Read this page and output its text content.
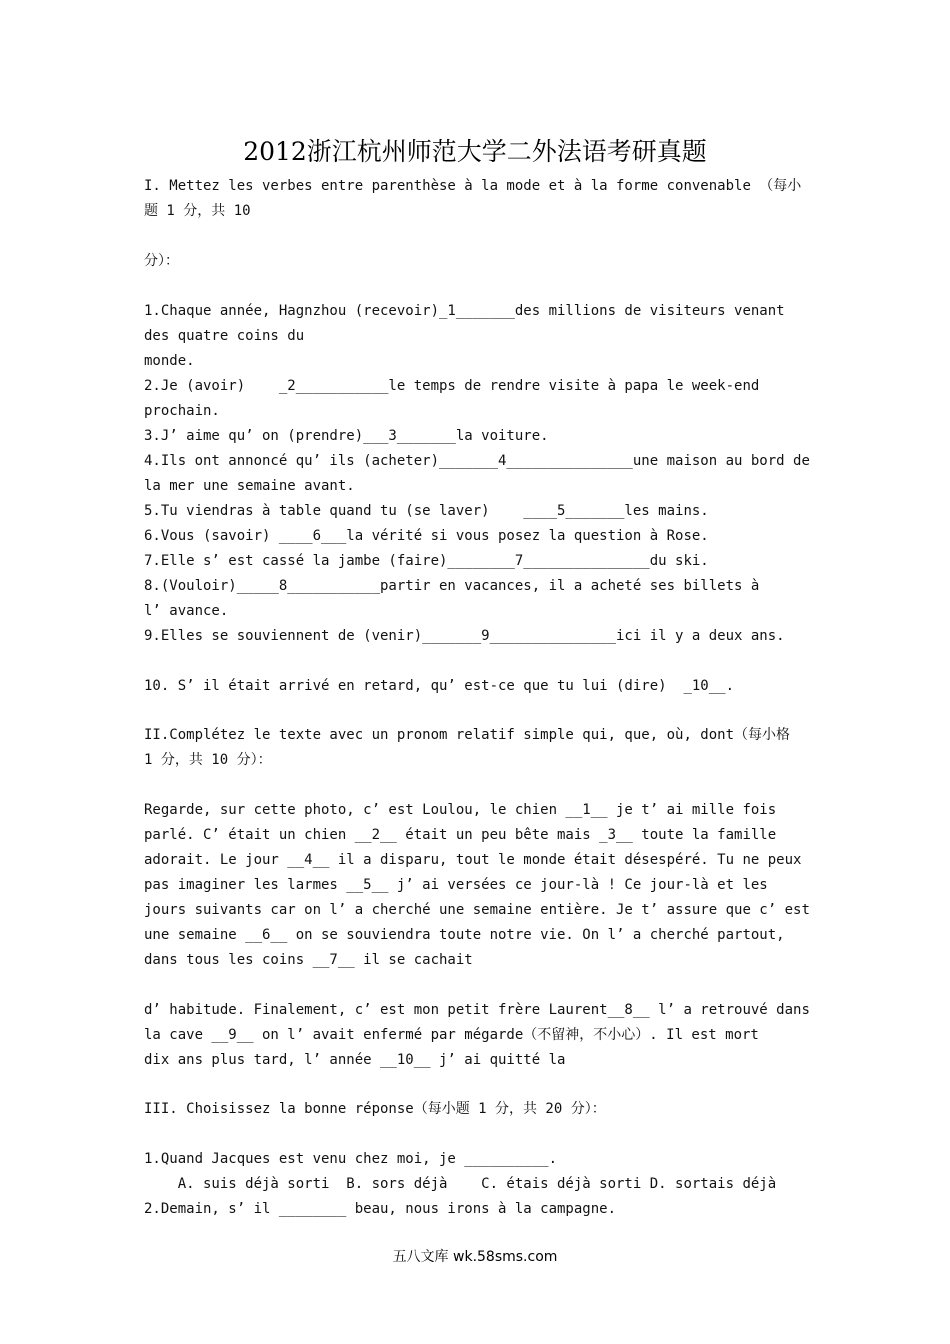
2012浙江杭州师范大学二外法语考研真题
I. Mettez les verbes entre parenthèse à la mode et à la forme convenable （每小
题 1 分，共 10
分）：
1.Chaque année, Hagnzhou (recevoir)_1_______des millions de visiteurs venant
des quatre coins du
monde.
2.Je (avoir)    _2___________le temps de rendre visite à papa le week-end
prochain.
3.J’ aime qu’ on (prendre)___3_______la voiture.
4.Ils ont annoncé qu’ ils (acheter)_______4_______________une maison au bord de
la mer une semaine avant.
5.Tu viendras à table quand tu (se laver)    ____5_______les mains.
6.Vous (savoir) ____6___la vérité si vous posez la question à Rose.
7.Elle s’ est cassé la jambe (faire)________7_______________du ski.
8.(Vouloir)_____8___________partir en vacances, il a acheté ses billets à
l’ avance.
9.Elles se souviennent de (venir)_______9_______________ici il y a deux ans.
10. S’ il était arrivé en retard, qu’ est-ce que tu lui (dire)  _10__.
II.Complétez le texte avec un pronom relatif simple qui, que, où, dont（每小格
1 分，共 10 分）：
Regarde, sur cette photo, c’ est Loulou, le chien __1__ je t’ ai mille fois
parlé. C’ était un chien __2__ était un peu bête mais _3__ toute la famille
adorait. Le jour __4__ il a disparu, tout le monde était désespéré. Tu ne peux
pas imaginer les larmes __5__ j’ ai versées ce jour-là ! Ce jour-là et les
jours suivants car on l’ a cherché une semaine entière. Je t’ assure que c’ est
une semaine __6__ on se souviendra toute notre vie. On l’ a cherché partout,
dans tous les coins __7__ il se cachait
d’ habitude. Finalement, c’ est mon petit frère Laurent__8__ l’ a retrouvé dans
la cave __9__ on l’ avait enfermé par mégarde（不留神，不小心）. Il est mort
dix ans plus tard, l’ année __10__ j’ ai quitté la
III. Choisissez la bonne réponse（每小题 1 分，共 20 分）：
1.Quand Jacques est venu chez moi, je __________.
A. suis déjà sorti  B. sors déjà    C. étais déjà sorti D. sortais déjà
2.Demain, s’ il ________ beau, nous irons à la campagne.
五八文库 wk.58sms.com
